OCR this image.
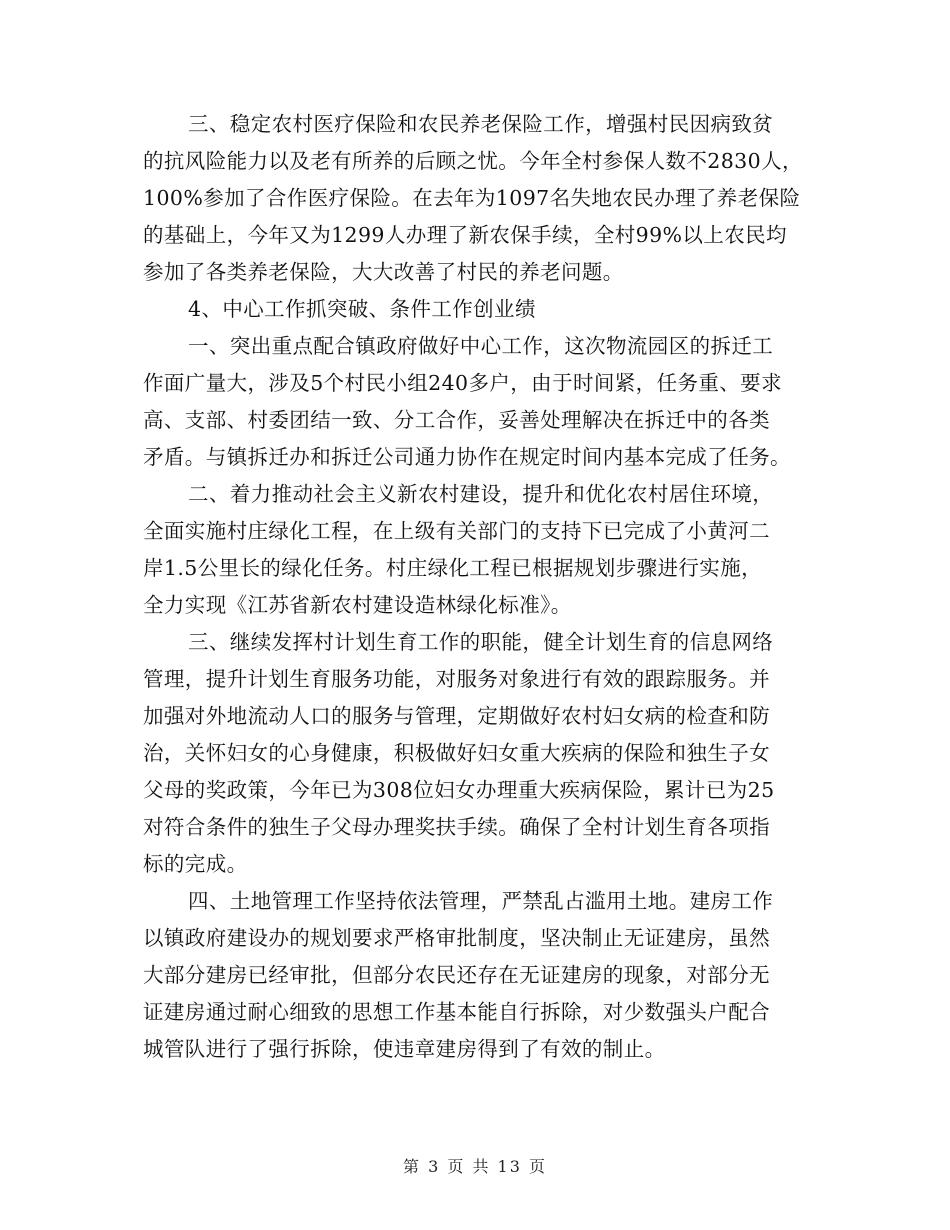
三、稳定农村医疗保险和农民养老保险工作，增强村民因病致贫
的抗风险能力以及老有所养的后顾之忧。今年全村参保人数不2830人，
100%参加了合作医疗保险。在去年为1097名失地农民办理了养老保险
的基础上，今年又为1299人办理了新农保手续，全村99%以上农民均
参加了各类养老保险，大大改善了村民的养老问题。
4、中心工作抓突破、条件工作创业绩
一、突出重点配合镇政府做好中心工作，这次物流园区的拆迁工
作面广量大，涉及5个村民小组240多户，由于时间紧，任务重、要求
高、支部、村委团结一致、分工合作，妥善处理解决在拆迁中的各类
矛盾。与镇拆迁办和拆迁公司通力协作在规定时间内基本完成了任务。
二、着力推动社会主义新农村建设，提升和优化农村居住环境，
全面实施村庄绿化工程，在上级有关部门的支持下已完成了小黄河二
岸1.5公里长的绿化任务。村庄绿化工程已根据规划步骤进行实施，
全力实现《江苏省新农村建设造林绿化标准》。
三、继续发挥村计划生育工作的职能，健全计划生育的信息网络
管理，提升计划生育服务功能，对服务对象进行有效的跟踪服务。并
加强对外地流动人口的服务与管理，定期做好农村妇女病的检查和防
治，关怀妇女的心身健康，积极做好妇女重大疾病的保险和独生子女
父母的奖政策，今年已为308位妇女办理重大疾病保险，累计已为25
对符合条件的独生子父母办理奖扶手续。确保了全村计划生育各项指
标的完成。
四、土地管理工作坚持依法管理，严禁乱占滥用土地。建房工作
以镇政府建设办的规划要求严格审批制度，坚决制止无证建房，虽然
大部分建房已经审批，但部分农民还存在无证建房的现象，对部分无
证建房通过耐心细致的思想工作基本能自行拆除，对少数强头户配合
城管队进行了强行拆除，使违章建房得到了有效的制止。
第 3 页 共 13 页
